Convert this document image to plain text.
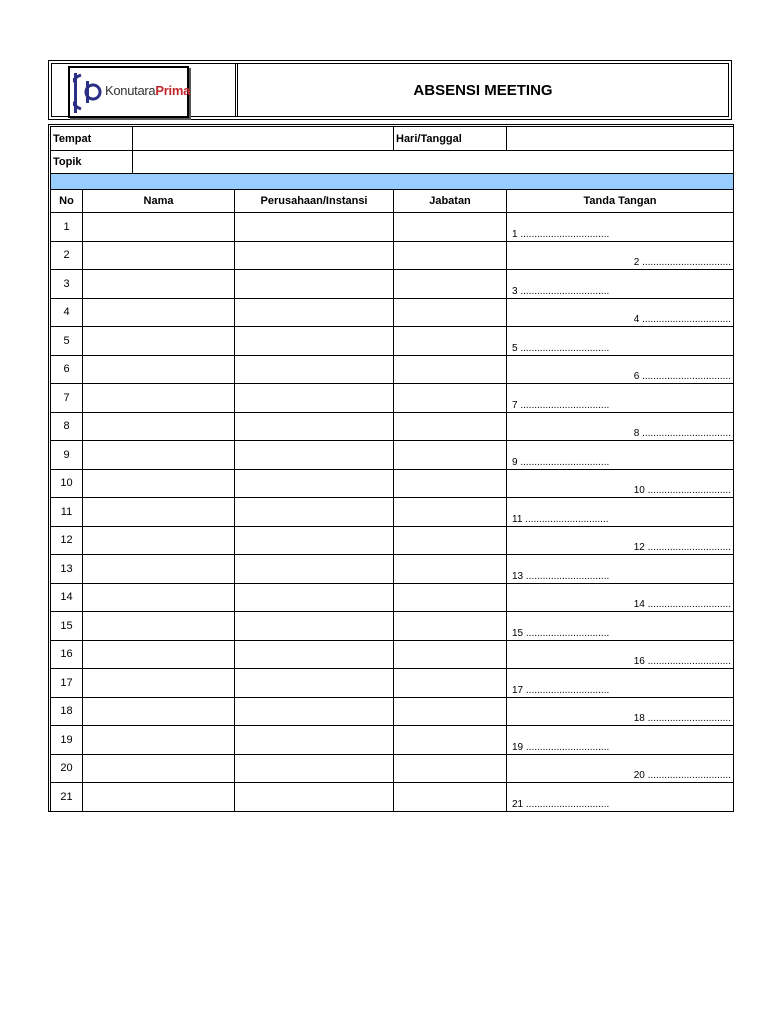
KonutaraPrima	ABSENSI MEETING
Tempat				Hari/Tanggal	
Topik					

No	Nama		Perusahaan/Instansi	Jabatan	Tanda Tangan
1					1 ................................

2					2 ................................

3					3 ................................

4					4 ................................

5					5 ................................

6					6 ................................

7					7 ................................

8					8 ................................

9					9 ................................

10					10 ..............................

11					11 ..............................

12					12 ..............................

13					13 ..............................

14					14 ..............................

15					15 ..............................

16					16 ..............................

17					17 ..............................

18					18 ..............................

19					19 ..............................

20					20 ..............................

21					21 ..............................
